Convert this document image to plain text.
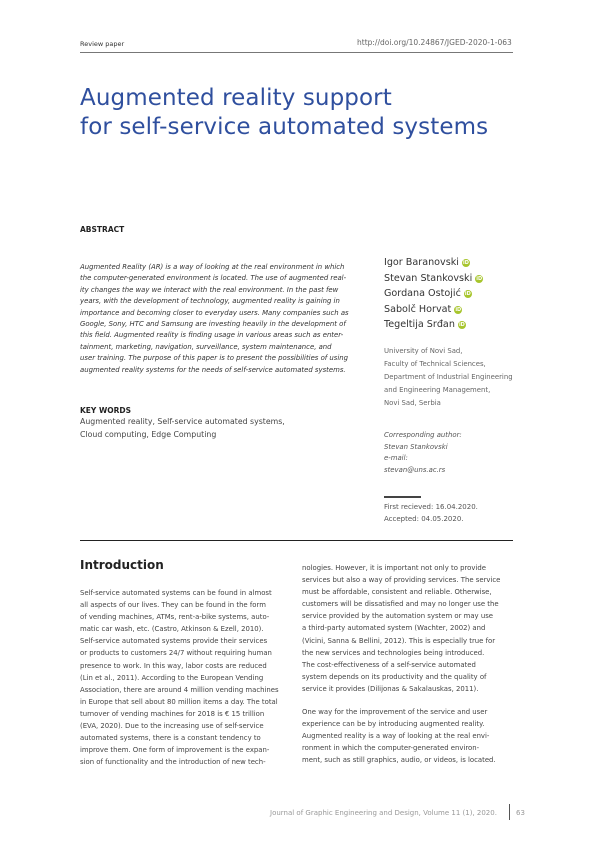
Review paper	http://doi.org/10.24867/JGED-2020-1-063
Augmented reality support
for self-service automated systems
ABSTRACT
Augmented Reality (AR) is a way of looking at the real environment in which
the computer-generated environment is located. The use of augmented real-
ity changes the way we interact with the real environment. In the past few
years, with the development of technology, augmented reality is gaining in
importance and becoming closer to everyday users. Many companies such as
Google, Sony, HTC and Samsung are investing heavily in the development of
this field. Augmented reality is finding usage in various areas such as enter-
tainment, marketing, navigation, surveillance, system maintenance, and
user training. The purpose of this paper is to present the possibilities of using
augmented reality systems for the needs of self-service automated systems.
Igor Baranovski iD
Stevan Stankovski iD
Gordana Ostojić iD
Sabolč Horvat iD
Tegeltija Srđan iD
University of Novi Sad,
Faculty of Technical Sciences,
Department of Industrial Engineering
and Engineering Management,
Novi Sad, Serbia
KEY WORDS
Augmented reality, Self-service automated systems,
Cloud computing, Edge Computing	Corresponding author:
Stevan Stankovski
e-mail:
stevan@uns.ac.rs
First recieved: 16.04.2020.
Accepted: 04.05.2020.
Introduction
Self-service automated systems can be found in almost
all aspects of our lives. They can be found in the form
of vending machines, ATMs, rent-a-bike systems, auto-
matic car wash, etc. (Castro, Atkinson & Ezell, 2010).
Self-service automated systems provide their services
or products to customers 24/7 without requiring human
presence to work. In this way, labor costs are reduced
(Lin et al., 2011). According to the European Vending
Association, there are around 4 million vending machines
in Europe that sell about 80 million items a day. The total
turnover of vending machines for 2018 is € 15 trillion
(EVA, 2020). Due to the increasing use of self-service
automated systems, there is a constant tendency to
improve them. One form of improvement is the expan-
sion of functionality and the introduction of new tech-
nologies. However, it is important not only to provide
services but also a way of providing services. The service
must be affordable, consistent and reliable. Otherwise,
customers will be dissatisfied and may no longer use the
service provided by the automation system or may use
a third-party automated system (Wachter, 2002) and
(Vicini, Sanna & Bellini, 2012). This is especially true for
the new services and technologies being introduced.
The cost-effectiveness of a self-service automated
system depends on its productivity and the quality of
service it provides (Dilijonas & Sakalauskas, 2011).
One way for the improvement of the service and user
experience can be by introducing augmented reality.
Augmented reality is a way of looking at the real envi-
ronment in which the computer-generated environ-
ment, such as still graphics, audio, or videos, is located.
Journal of Graphic Engineering and Design, Volume 11 (1), 2020.	63
